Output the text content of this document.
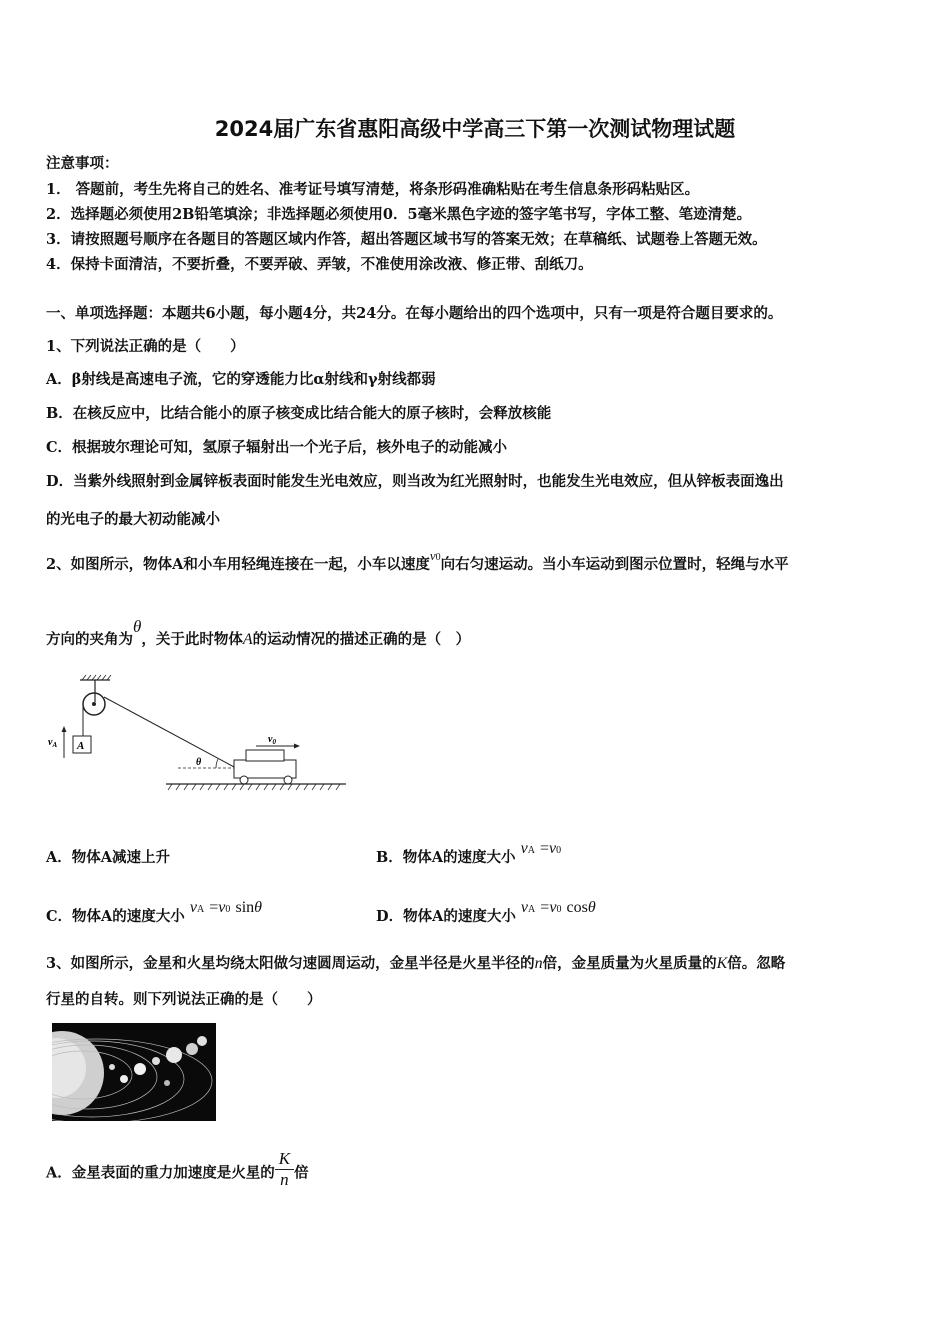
2024届广东省惠阳高级中学高三下第一次测试物理试题
注意事项：
1． 答题前，考生先将自己的姓名、准考证号填写清楚，将条形码准确粘贴在考生信息条形码粘贴区。
2．选择题必须使用2B铅笔填涂；非选择题必须使用0．5毫米黑色字迹的签字笔书写，字体工整、笔迹清楚。
3．请按照题号顺序在各题目的答题区域内作答，超出答题区域书写的答案无效；在草稿纸、试题卷上答题无效。
4．保持卡面清洁，不要折叠，不要弄破、弄皱，不准使用涂改液、修正带、刮纸刀。
一、单项选择题：本题共6小题，每小题4分，共24分。在每小题给出的四个选项中，只有一项是符合题目要求的。
1、下列说法正确的是（　　）
A．β射线是高速电子流，它的穿透能力比α射线和γ射线都弱
B．在核反应中，比结合能小的原子核变成比结合能大的原子核时，会释放核能
C．根据玻尔理论可知，氢原子辐射出一个光子后，核外电子的动能减小
D．当紫外线照射到金属锌板表面时能发生光电效应，则当改为红光照射时，也能发生光电效应，但从锌板表面逸出
的光电子的最大初动能减小
2、如图所示，物体A和小车用轻绳连接在一起，小车以速度v0向右匀速运动。当小车运动到图示位置时，轻绳与水平
方向的夹角为θ，关于此时物体A的运动情况的描述正确的是（　）
A
$v_A$
θ
$v_0$
A．物体A减速上升	B．物体A的速度大小 vA =v0
C．物体A的速度大小 vA =v0 sinθ
D．物体A的速度大小 vA =v0 cosθ
3、如图所示，金星和火星均绕太阳做匀速圆周运动，金星半径是火星半径的n倍，金星质量为火星质量的K倍。忽略
行星的自转。则下列说法正确的是（　　）
A．金星表面的重力加速度是火星的 $\frac{K}{n}$ 倍
